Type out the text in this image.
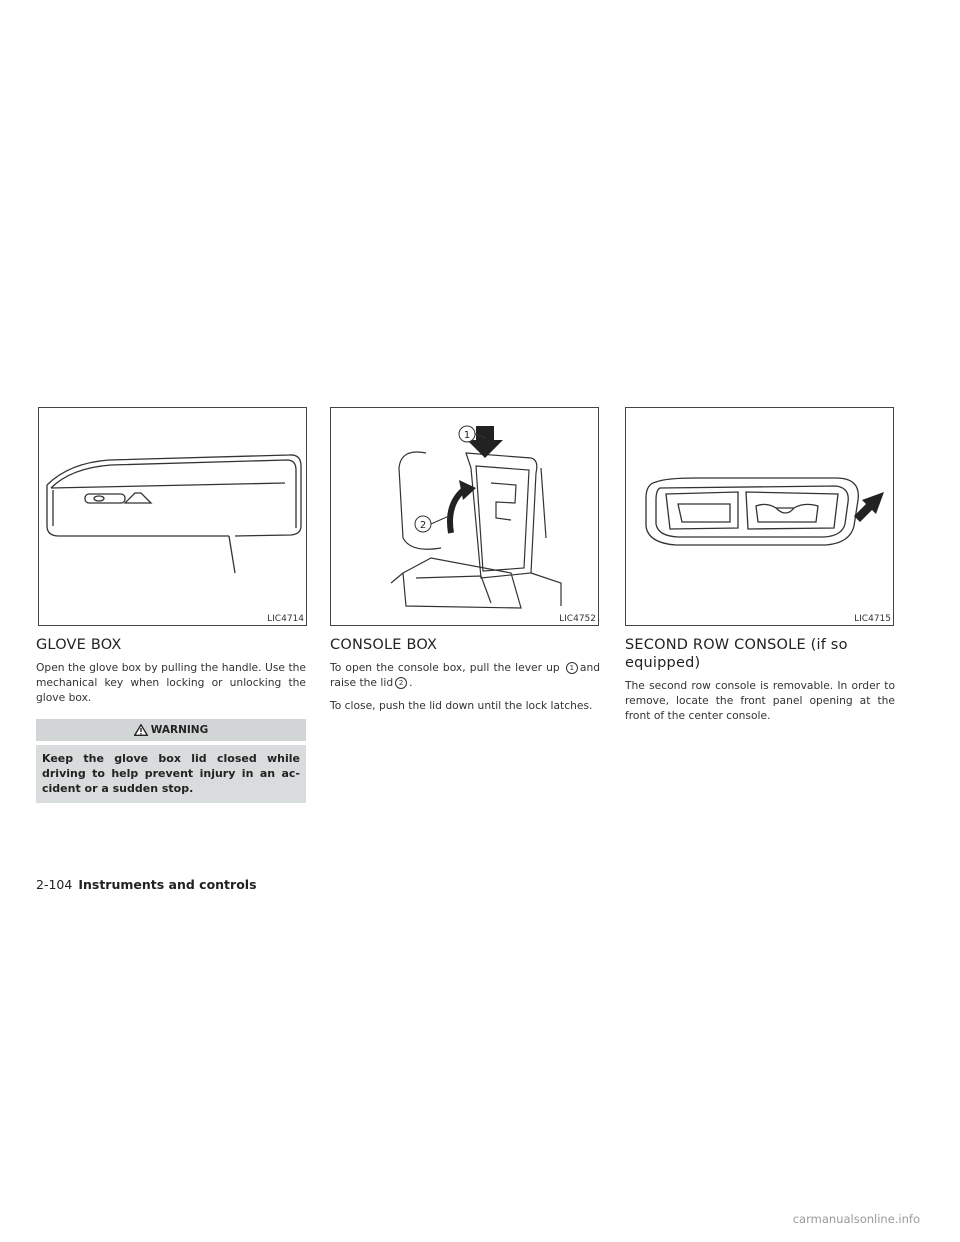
LIC4714
1
2
LIC4752	LIC4715
GLOVE BOX

Open the glove box by pulling the handle. Use the mechanical key when locking or unlocking the glove box.

WARNING
Keep the glove box lid closed while driving to help prevent injury in an ac-cident or a sudden stop.
CONSOLE BOX

To open the console box, pull the lever up 1 and raise the lid 2 .

To close, push the lid down until the lock latches.

SECOND ROW CONSOLE (if so equipped)

The second row console is removable. In order to remove, locate the front panel opening at the front of the center console.

2-104 Instruments and controls
carmanualsonline.info
